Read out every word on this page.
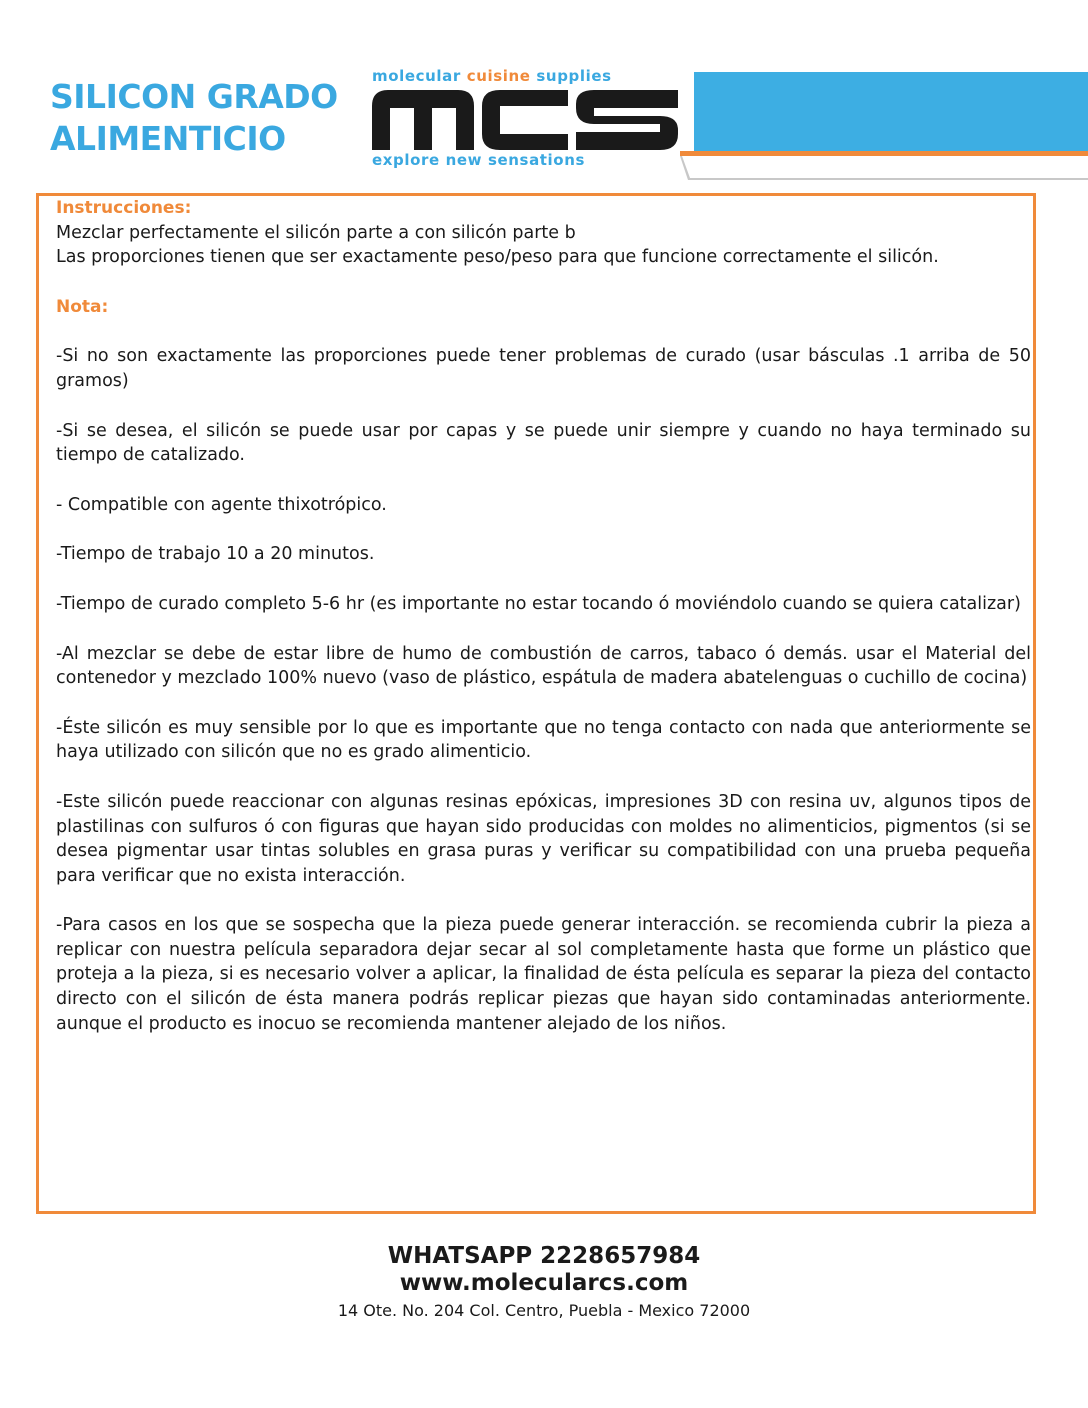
SILICON GRADO
ALIMENTICIO
molecular cuisine supplies
explore new sensations
Instrucciones:

Mezclar perfectamente el silicón parte a con silicón parte b

Las proporciones tienen que ser exactamente peso/peso para que funcione correctamente el silicón.

Nota:

-Si no son exactamente las proporciones puede tener problemas de curado (usar básculas .1 arriba de 50 gramos)

-Si se desea, el silicón se puede usar por capas y se puede unir siempre y cuando no haya terminado su tiempo de catalizado.

- Compatible con agente thixotrópico.

-Tiempo de trabajo 10 a 20 minutos.

-Tiempo de curado completo 5-6 hr (es importante no estar tocando ó moviéndolo cuando se quiera catalizar)

-Al mezclar se debe de estar libre de humo de combustión de carros, tabaco ó demás. usar el Material del contenedor y mezclado 100% nuevo (vaso de plástico, espátula de madera abatelenguas o cuchillo de cocina)

-Éste silicón es muy sensible por lo que es importante que no tenga contacto con nada que anteriormente se haya utilizado con silicón que no es grado alimenticio.

-Este silicón puede reaccionar con algunas resinas epóxicas, impresiones 3D con resina uv, algunos tipos de plastilinas con sulfuros ó con figuras que hayan sido producidas con moldes no alimenticios, pigmentos (si se desea pigmentar usar tintas solubles en grasa puras y verificar su compatibilidad con una prueba pequeña para verificar que no exista interacción.

-Para casos en los que se sospecha que la pieza puede generar interacción. se recomienda cubrir la pieza a replicar con nuestra película separadora dejar secar al sol completamente hasta que forme un plástico que proteja a la pieza, si es necesario volver a aplicar, la finalidad de ésta película es separar la pieza del contacto directo con el silicón de ésta manera podrás replicar piezas que hayan sido contaminadas anteriormente. aunque el producto es inocuo se recomienda mantener alejado de los niños.

WHATSAPP 2228657984
www.molecularcs.com
14 Ote. No. 204 Col. Centro, Puebla - Mexico 72000
